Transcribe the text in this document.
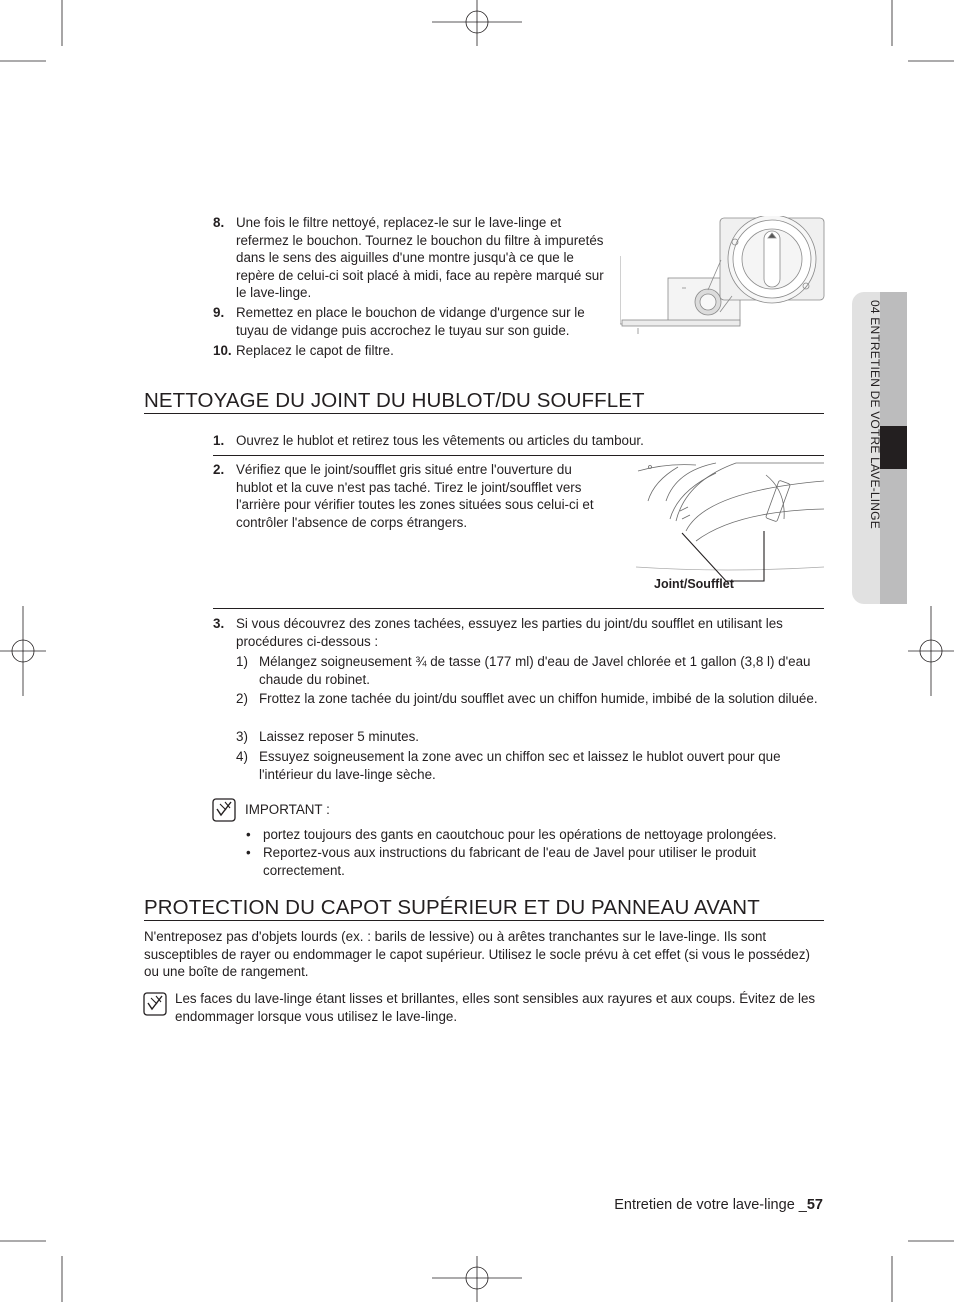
8. Une fois le filtre nettoyé, replacez-le sur le lave-linge et refermez le bouchon. Tournez le bouchon du filtre à impuretés dans le sens des aiguilles d'une montre jusqu'à ce que le repère de celui-ci soit placé à midi, face au repère marqué sur le lave-linge.
9. Remettez en place le bouchon de vidange d'urgence sur le tuyau de vidange puis accrochez le tuyau sur son guide.
10. Replacez le capot de filtre.
NETTOYAGE DU JOINT DU HUBLOT/DU SOUFFLET
1. Ouvrez le hublot et retirez tous les vêtements ou articles du tambour.
2. Vérifiez que le joint/soufflet gris situé entre l'ouverture du hublot et la cuve n'est pas taché. Tirez le joint/soufflet vers l'arrière pour vérifier toutes les zones situées sous celui-ci et contrôler l'absence de corps étrangers.
Joint/Soufflet
3. Si vous découvrez des zones tachées, essuyez les parties du joint/du soufflet en utilisant les procédures ci-dessous :
1) Mélangez soigneusement ¾ de tasse (177 ml) d'eau de Javel chlorée et 1 gallon (3,8 l) d'eau chaude du robinet.
2) Frottez la zone tachée du joint/du soufflet avec un chiffon humide, imbibé de la solution diluée.
3) Laissez reposer 5 minutes.
4) Essuyez soigneusement la zone avec un chiffon sec et laissez le hublot ouvert pour que l'intérieur du lave-linge sèche.
IMPORTANT :
• portez toujours des gants en caoutchouc pour les opérations de nettoyage prolongées.
• Reportez-vous aux instructions du fabricant de l'eau de Javel pour utiliser le produit correctement.
PROTECTION DU CAPOT SUPÉRIEUR ET DU PANNEAU AVANT
N'entreposez pas d'objets lourds (ex. : barils de lessive) ou à arêtes tranchantes sur le lave-linge. Ils sont susceptibles de rayer ou endommager le capot supérieur. Utilisez le socle prévu à cet effet (si vous le possédez) ou une boîte de rangement.
Les faces du lave-linge étant lisses et brillantes, elles sont sensibles aux rayures et aux coups. Évitez de les endommager lorsque vous utilisez le lave-linge.
04 ENTRETIEN DE VOTRE LAVE-LINGE
Entretien de votre lave-linge _57
